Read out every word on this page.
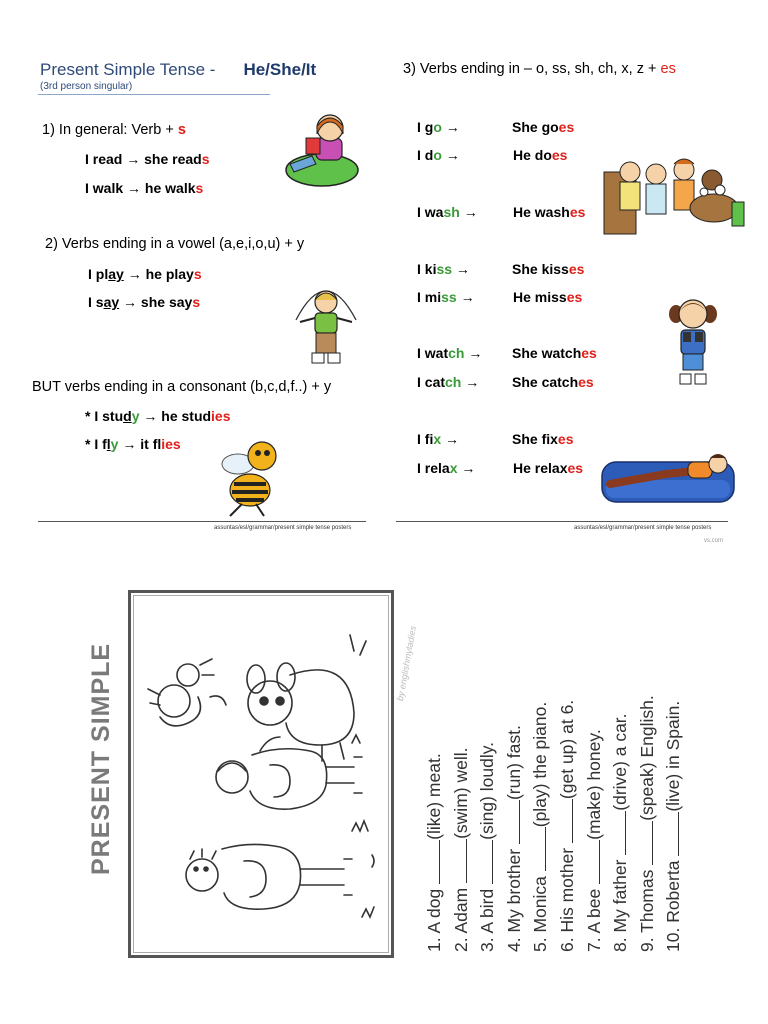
Present Simple Tense - He/She/It
(3rd person singular)
1) In general: Verb + s
I read → she reads
I walk → he walks
2) Verbs ending in a vowel (a,e,i,o,u) + y
I play → he plays
I say → she says
BUT verbs ending in a consonant (b,c,d,f..) + y
* I study → he studies
* I fly → it flies
assuntas/esl/grammar/present simple tense posters
3) Verbs ending in – o, ss, sh, ch, x, z + es
I go →	She goes
I do →	He does
I wash →	He washes
I kiss →	She kisses
I miss →	He misses
I watch → She watches
I catch → She catches
I fix →	She fixes
I relax →	He relaxes
assuntas/esl/grammar/present simple tense posters
vs.com
PRESENT SIMPLE	by englishmyladies
1. A dog (like) meat.
2. Adam (swim) well.
3. A bird (sing) loudly.
4. My brother (run) fast.
5. Monica (play) the piano.
6. His mother (get up) at 6.
7. A bee (make) honey.
8. My father (drive) a car.
9. Thomas (speak) English.
10. Roberta (live) in Spain.
